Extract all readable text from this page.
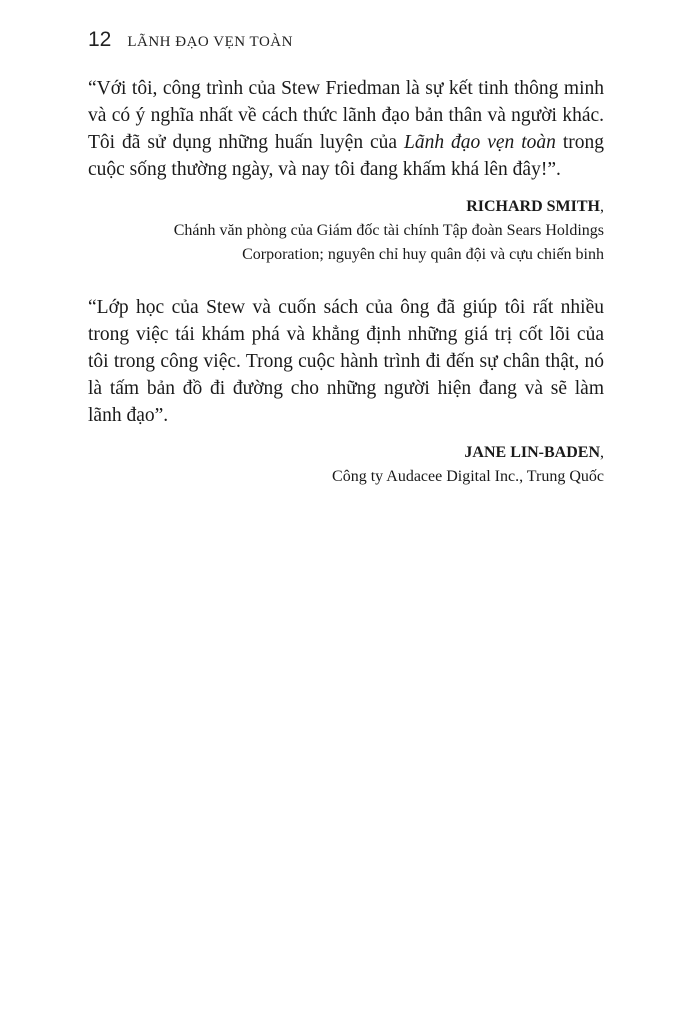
12 LÃNH ĐẠO VẸN TOÀN

“Với tôi, công trình của Stew Friedman là sự kết tinh thông minh và có ý nghĩa nhất về cách thức lãnh đạo bản thân và người khác. Tôi đã sử dụng những huấn luyện của Lãnh đạo vẹn toàn trong cuộc sống thường ngày, và nay tôi đang khấm khá lên đây!”.

RICHARD SMITH,
Chánh văn phòng của Giám đốc tài chính Tập đoàn Sears Holdings
Corporation; nguyên chỉ huy quân đội và cựu chiến binh

“Lớp học của Stew và cuốn sách của ông đã giúp tôi rất nhiều trong việc tái khám phá và khẳng định những giá trị cốt lõi của tôi trong công việc. Trong cuộc hành trình đi đến sự chân thật, nó là tấm bản đồ đi đường cho những người hiện đang và sẽ làm lãnh đạo”.

JANE LIN-BADEN,
Công ty Audacee Digital Inc., Trung Quốc
